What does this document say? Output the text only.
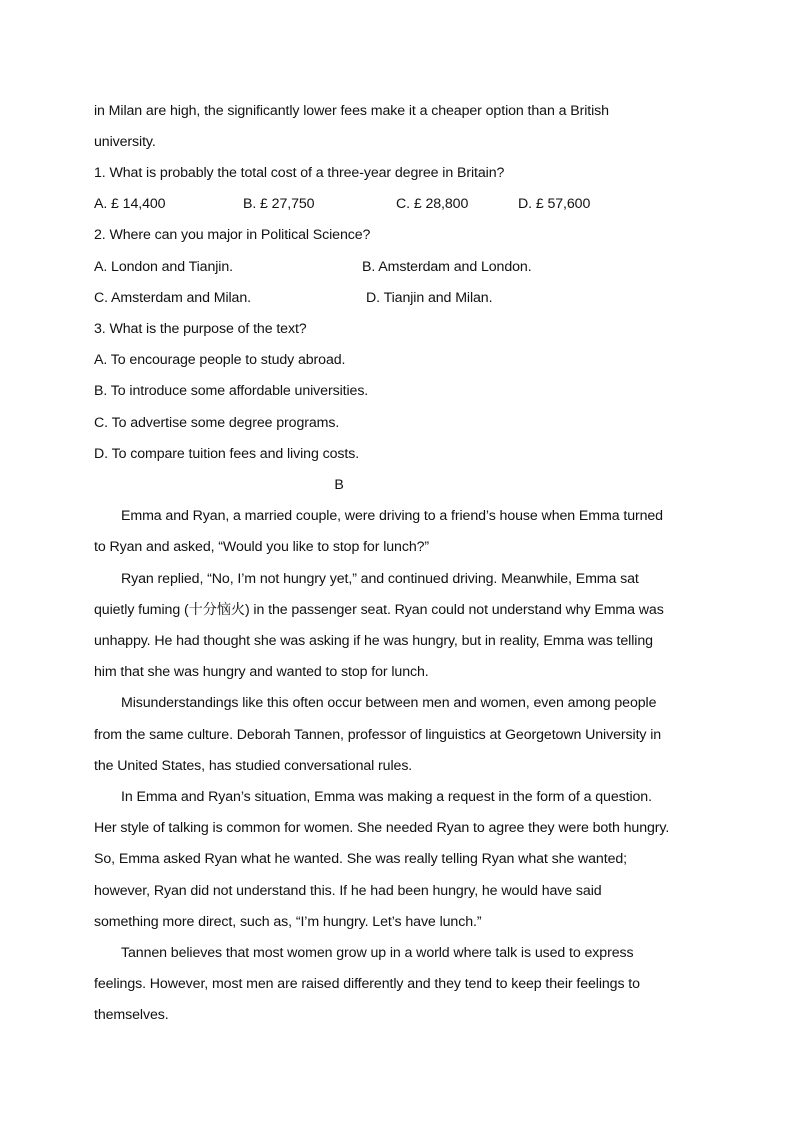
in Milan are high, the significantly lower fees make it a cheaper option than a British
university.
1. What is probably the total cost of a three-year degree in Britain?
A. £ 14,400	B. £ 27,750	C. £ 28,800	D. £ 57,600
2. Where can you major in Political Science?
A. London and Tianjin.	B. Amsterdam and London.
C. Amsterdam and Milan.	D. Tianjin and Milan.
3. What is the purpose of the text?
A. To encourage people to study abroad.
B. To introduce some affordable universities.
C. To advertise some degree programs.
D. To compare tuition fees and living costs.
B
Emma and Ryan, a married couple, were driving to a friend’s house when Emma turned
to Ryan and asked, “Would you like to stop for lunch?”
Ryan replied, “No, I’m not hungry yet,” and continued driving. Meanwhile, Emma sat
quietly fuming (十分恼火) in the passenger seat. Ryan could not understand why Emma was
unhappy. He had thought she was asking if he was hungry, but in reality, Emma was telling
him that she was hungry and wanted to stop for lunch.
Misunderstandings like this often occur between men and women, even among people
from the same culture. Deborah Tannen, professor of linguistics at Georgetown University in
the United States, has studied conversational rules.
In Emma and Ryan’s situation, Emma was making a request in the form of a question.
Her style of talking is common for women. She needed Ryan to agree they were both hungry.
So, Emma asked Ryan what he wanted. She was really telling Ryan what she wanted;
however, Ryan did not understand this. If he had been hungry, he would have said
something more direct, such as, “I’m hungry. Let’s have lunch.”
Tannen believes that most women grow up in a world where talk is used to express
feelings. However, most men are raised differently and they tend to keep their feelings to
themselves.
